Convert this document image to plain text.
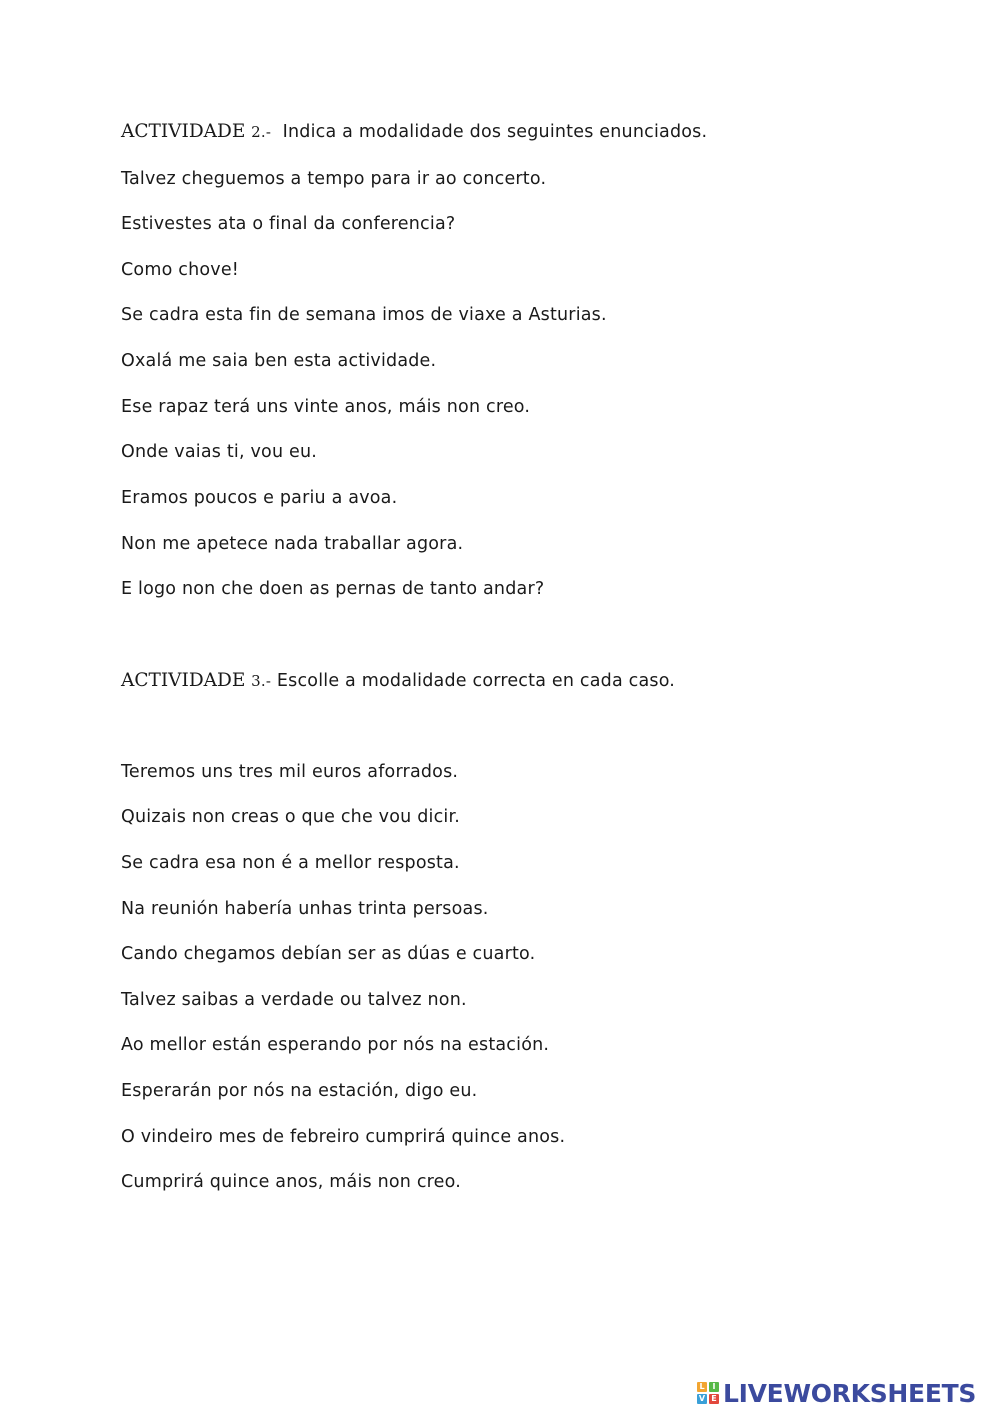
ACTIVIDADE 2.- Indica a modalidade dos seguintes enunciados.
Talvez cheguemos a tempo para ir ao concerto.
Estivestes ata o final da conferencia?
Como chove!
Se cadra esta fin de semana imos de viaxe a Asturias.
Oxalá me saia ben esta actividade.
Ese rapaz terá uns vinte anos, máis non creo.
Onde vaias ti, vou eu.
Eramos poucos e pariu a avoa.
Non me apetece nada traballar agora.
E logo non che doen as pernas de tanto andar?
ACTIVIDADE 3.- Escolle a modalidade correcta en cada caso.
Teremos uns tres mil euros aforrados.
Quizais non creas o que che vou dicir.
Se cadra esa non é a mellor resposta.
Na reunión habería unhas trinta persoas.
Cando chegamos debían ser as dúas e cuarto.
Talvez saibas a verdade ou talvez non.
Ao mellor están esperando por nós na estación.
Esperarán por nós na estación, digo eu.
O vindeiro mes de febreiro cumprirá quince anos.
Cumprirá quince anos, máis non creo.
L I
V E LIVEWORKSHEETS
